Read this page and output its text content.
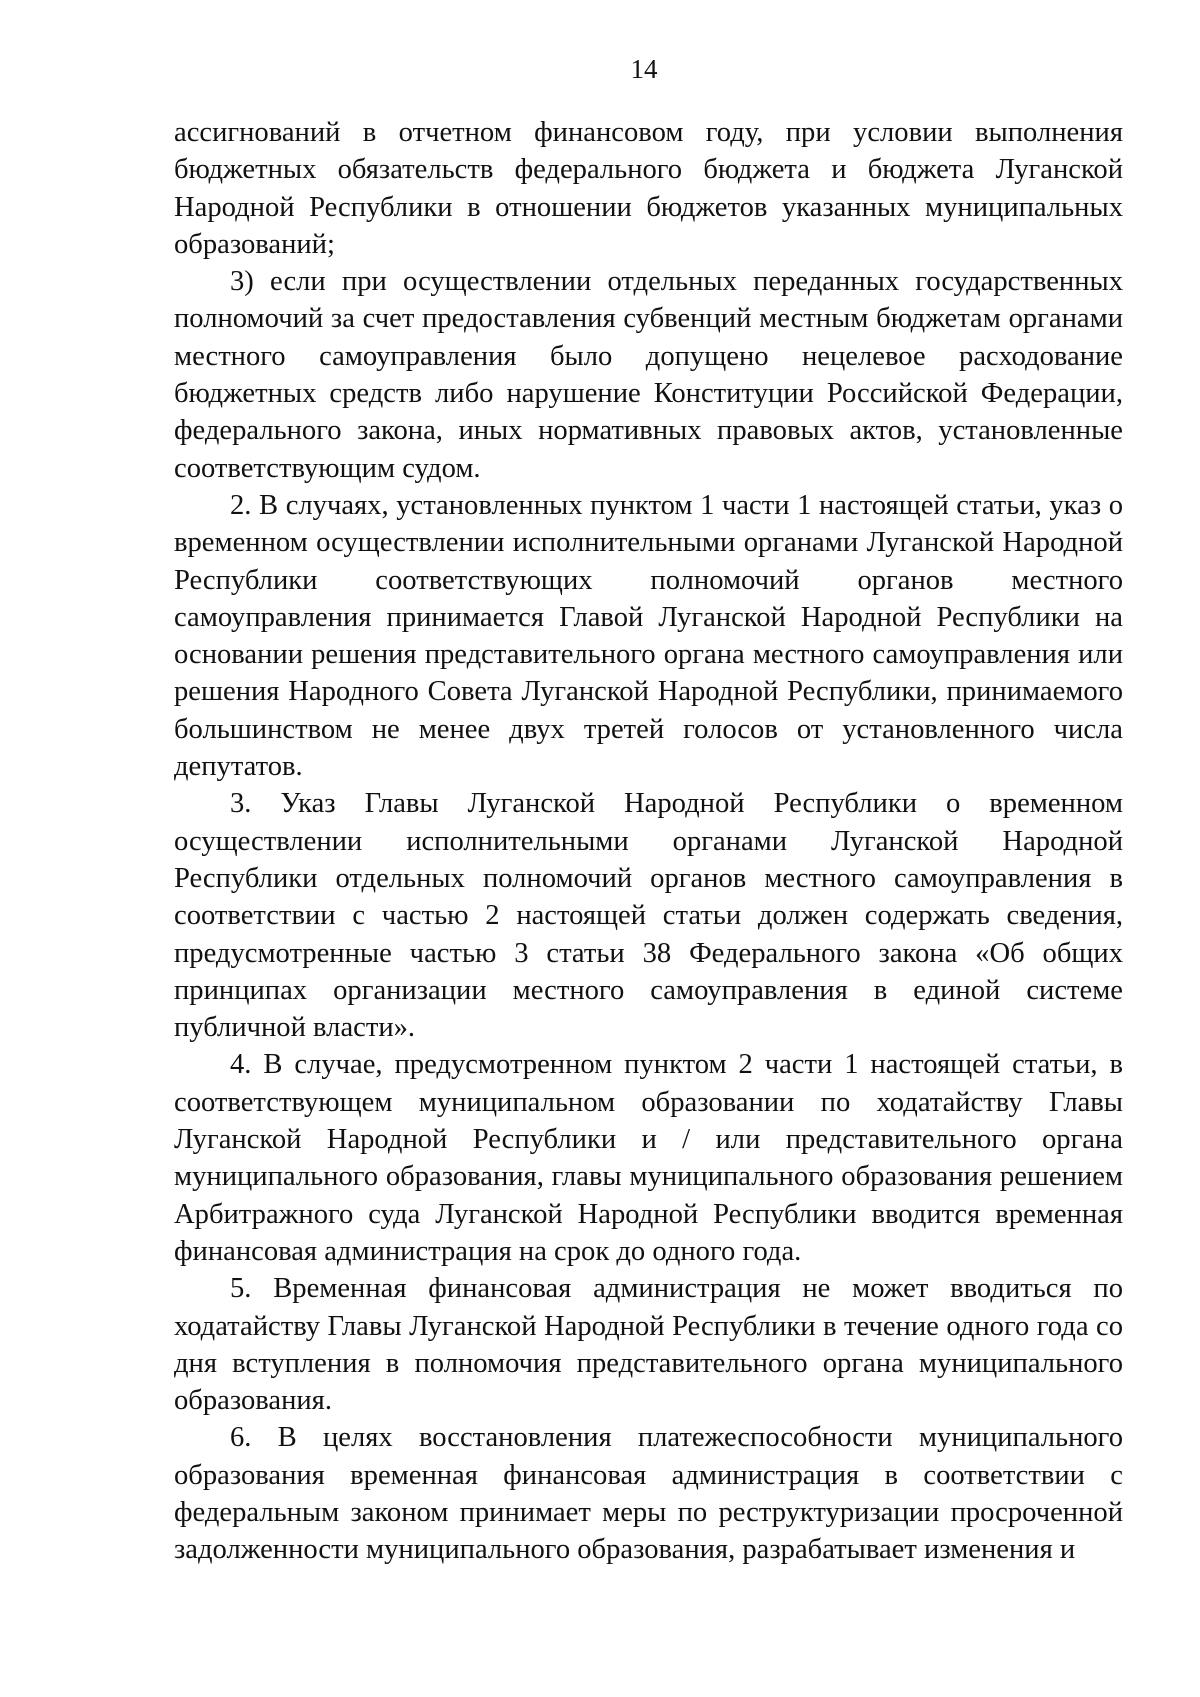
14

ассигнований в отчетном финансовом году, при условии выполнения бюджетных обязательств федерального бюджета и бюджета Луганской Народной Республики в отношении бюджетов указанных муниципальных образований;

3) если при осуществлении отдельных переданных государственных полномочий за счет предоставления субвенций местным бюджетам органами местного самоуправления было допущено нецелевое расходование бюджетных средств либо нарушение Конституции Российской Федерации, федерального закона, иных нормативных правовых актов, установленные соответствующим судом.

2. В случаях, установленных пунктом 1 части 1 настоящей статьи, указ о временном осуществлении исполнительными органами Луганской Народной Республики соответствующих полномочий органов местного самоуправления принимается Главой Луганской Народной Республики на основании решения представительного органа местного самоуправления или решения Народного Совета Луганской Народной Республики, принимаемого большинством не менее двух третей голосов от установленного числа депутатов.

3. Указ Главы Луганской Народной Республики о временном осуществлении исполнительными органами Луганской Народной Республики отдельных полномочий органов местного самоуправления в соответствии с частью 2 настоящей статьи должен содержать сведения, предусмотренные частью 3 статьи 38 Федерального закона «Об общих принципах организации местного самоуправления в единой системе публичной власти».

4. В случае, предусмотренном пунктом 2 части 1 настоящей статьи, в соответствующем муниципальном образовании по ходатайству Главы Луганской Народной Республики и / или представительного органа муниципального образования, главы муниципального образования решением Арбитражного суда Луганской Народной Республики вводится временная финансовая администрация на срок до одного года.

5. Временная финансовая администрация не может вводиться по ходатайству Главы Луганской Народной Республики в течение одного года со дня вступления в полномочия представительного органа муниципального образования.

6. В целях восстановления платежеспособности муниципального образования временная финансовая администрация в соответствии с федеральным законом принимает меры по реструктуризации просроченной задолженности муниципального образования, разрабатывает изменения и
